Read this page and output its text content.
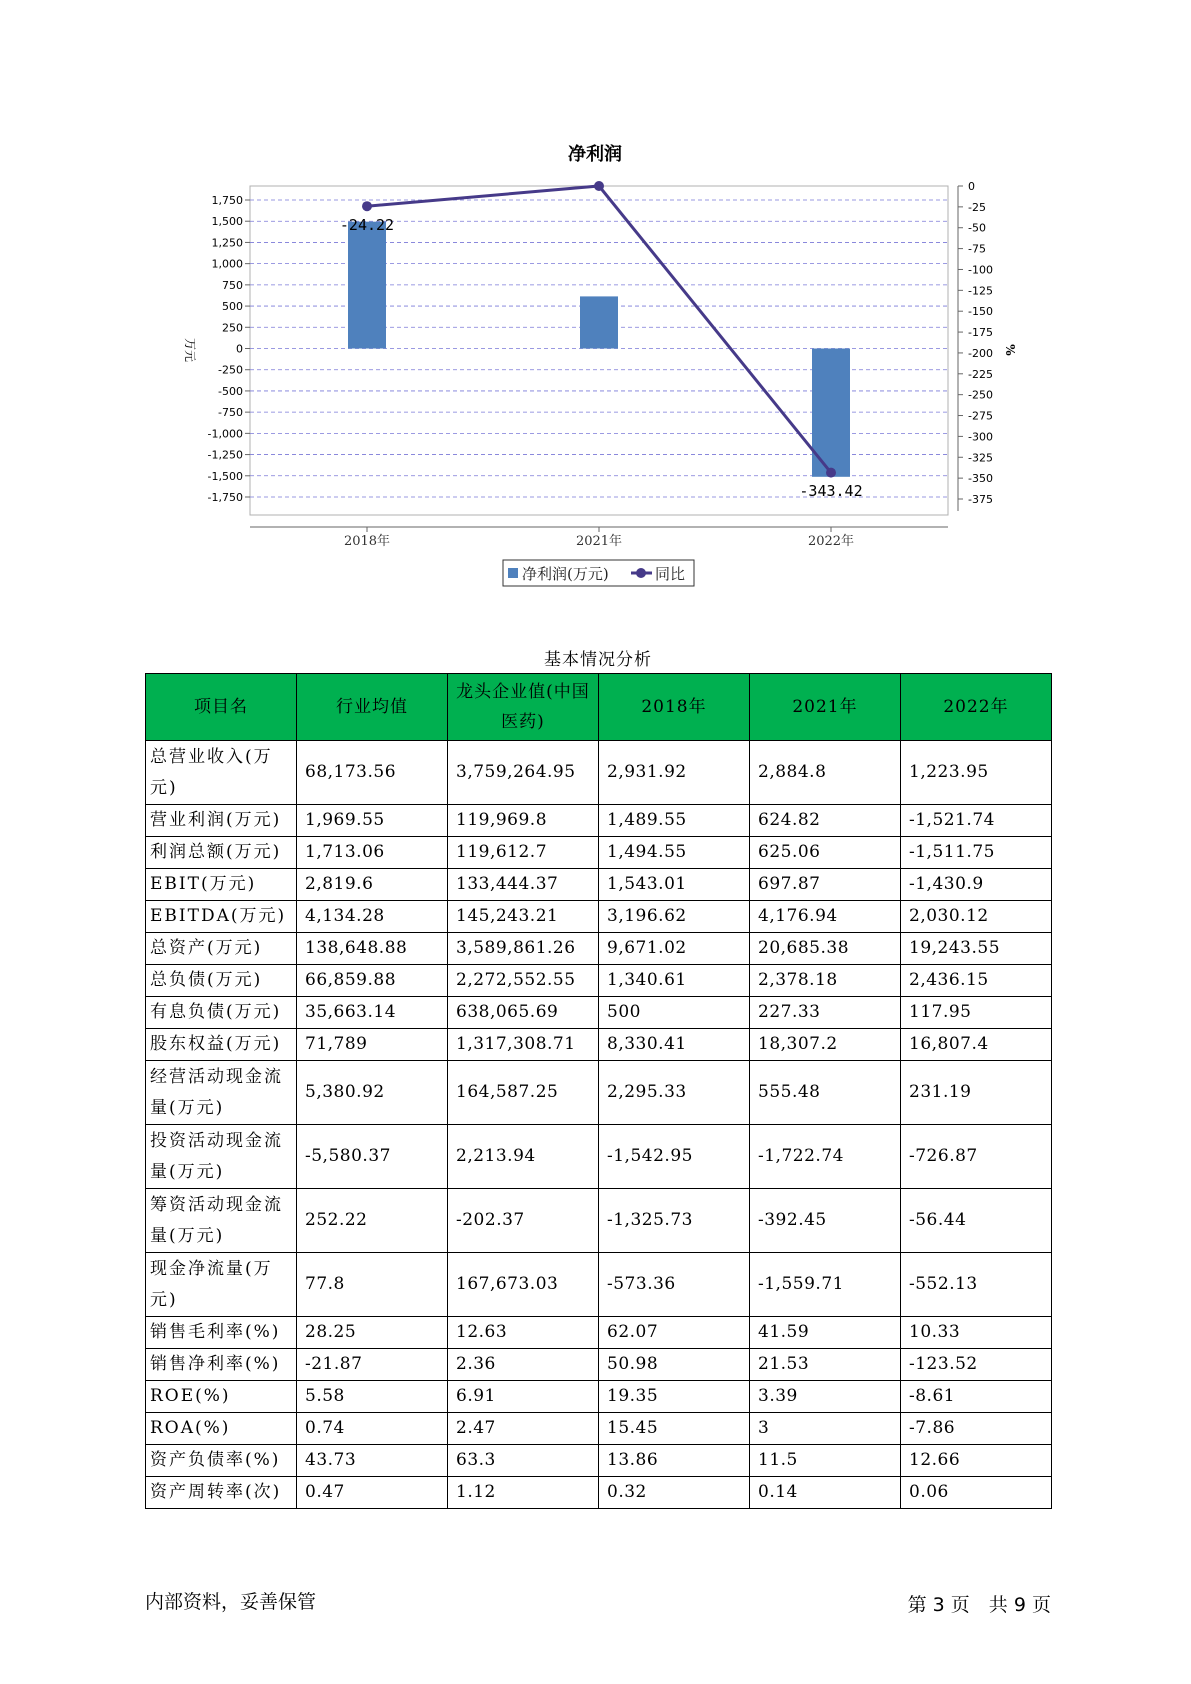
净利润
1,750
1,500
1,250
1,000
750
500
250
0
-250
-500
-750
-1,000
-1,250
-1,500
-1,750
0
-25
-50
-75
-100
-125
-150
-175
-200
-225
-250
-275
-300
-325
-350
-375
万元	%
2018年	2021年	2022年
-24.22
-343.42
净利润(万元)	同比
基本情况分析
项目名	行业均值	龙头企业值(中国医药)	2018年	2021年	2022年
总营业收入(万元)	68,173.56	3,759,264.95	2,931.92	2,884.8	1,223.95
营业利润(万元)	1,969.55	119,969.8	1,489.55	624.82	-1,521.74
利润总额(万元)	1,713.06	119,612.7	1,494.55	625.06	-1,511.75
EBIT(万元)	2,819.6	133,444.37	1,543.01	697.87	-1,430.9
EBITDA(万元)	4,134.28	145,243.21	3,196.62	4,176.94	2,030.12
总资产(万元)	138,648.88	3,589,861.26	9,671.02	20,685.38	19,243.55
总负债(万元)	66,859.88	2,272,552.55	1,340.61	2,378.18	2,436.15
有息负债(万元)	35,663.14	638,065.69	500	227.33	117.95
股东权益(万元)	71,789	1,317,308.71	8,330.41	18,307.2	16,807.4
经营活动现金流量(万元)	5,380.92	164,587.25	2,295.33	555.48	231.19
投资活动现金流量(万元)	-5,580.37	2,213.94	-1,542.95	-1,722.74	-726.87
筹资活动现金流量(万元)	252.22	-202.37	-1,325.73	-392.45	-56.44
现金净流量(万元)	77.8	167,673.03	-573.36	-1,559.71	-552.13
销售毛利率(%)	28.25	12.63	62.07	41.59	10.33
销售净利率(%)	-21.87	2.36	50.98	21.53	-123.52
ROE(%)	5.58	6.91	19.35	3.39	-8.61
ROA(%)	0.74	2.47	15.45	3	-7.86
资产负债率(%)	43.73	63.3	13.86	11.5	12.66
资产周转率(次)	0.47	1.12	0.32	0.14	0.06
内部资料，妥善保管	第 3 页　共 9 页
